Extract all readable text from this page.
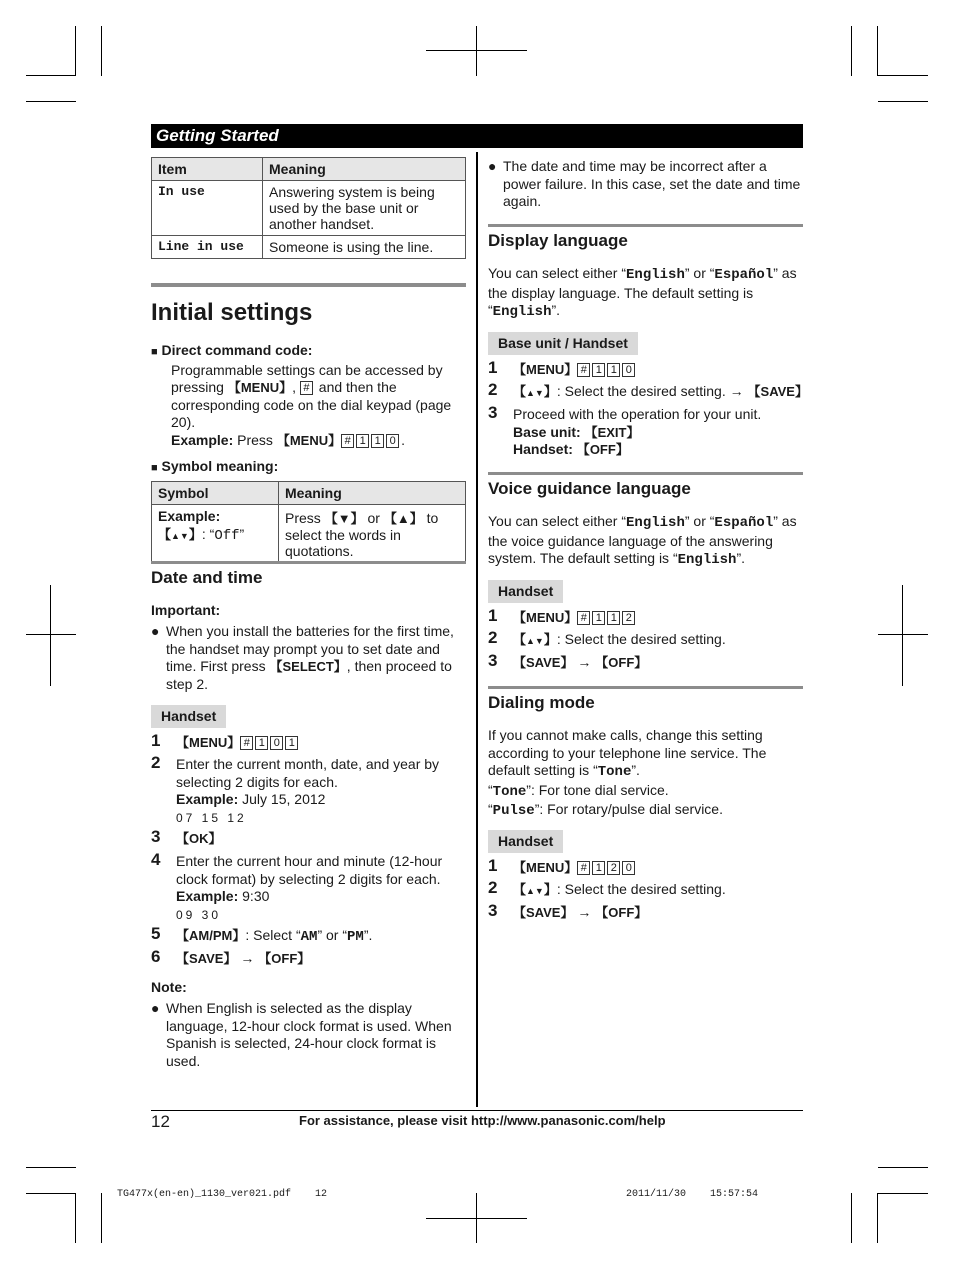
Getting Started
Item	Meaning
In use	Answering system is being used by the base unit or another handset.
Line in use	Someone is using the line.
Initial settings
■ Direct command code:
Programmable settings can be accessed by pressing 【MENU】, # and then the corresponding code on the dial keypad (page 20).
Example: Press 【MENU】 # 1 1 0 .
■ Symbol meaning:
Symbol	Meaning
Example:
【▲▼】: “Off”	Press 【▼】 or 【▲】 to select the words in quotations.
Date and time
Important:
● When you install the batteries for the first time, the handset may prompt you to set date and time. First press 【SELECT】, then proceed to step 2.
Handset
1 【MENU】 # 1 0 1
2 Enter the current month, date, and year by selecting 2 digits for each.
Example: July 15, 2012
07 15 12
3 【OK】
4 Enter the current hour and minute (12-hour clock format) by selecting 2 digits for each.
Example: 9:30
09 30
5 【AM/PM】: Select “AM” or “PM”.
6 【SAVE】 → 【OFF】
Note:
● When English is selected as the display language, 12-hour clock format is used. When Spanish is selected, 24-hour clock format is used.
● The date and time may be incorrect after a power failure. In this case, set the date and time again.
Display language
You can select either “English” or “Español” as the display language. The default setting is “English”.
Base unit / Handset
1 【MENU】 # 1 1 0
2 【▲▼】: Select the desired setting. → 【SAVE】
3 Proceed with the operation for your unit.
Base unit: 【EXIT】
Handset: 【OFF】
Voice guidance language
You can select either “English” or “Español” as the voice guidance language of the answering system. The default setting is “English”.
Handset
1 【MENU】 # 1 1 2
2 【▲▼】: Select the desired setting.
3 【SAVE】 → 【OFF】
Dialing mode
If you cannot make calls, change this setting according to your telephone line service. The default setting is “Tone”.
“Tone”: For tone dial service.
“Pulse”: For rotary/pulse dial service.
Handset
1 【MENU】 # 1 2 0
2 【▲▼】: Select the desired setting.
3 【SAVE】 → 【OFF】
12	For assistance, please visit http://www.panasonic.com/help
TG477x(en-en)_1130_ver021.pdf    12	2011/11/30    15:57:54
